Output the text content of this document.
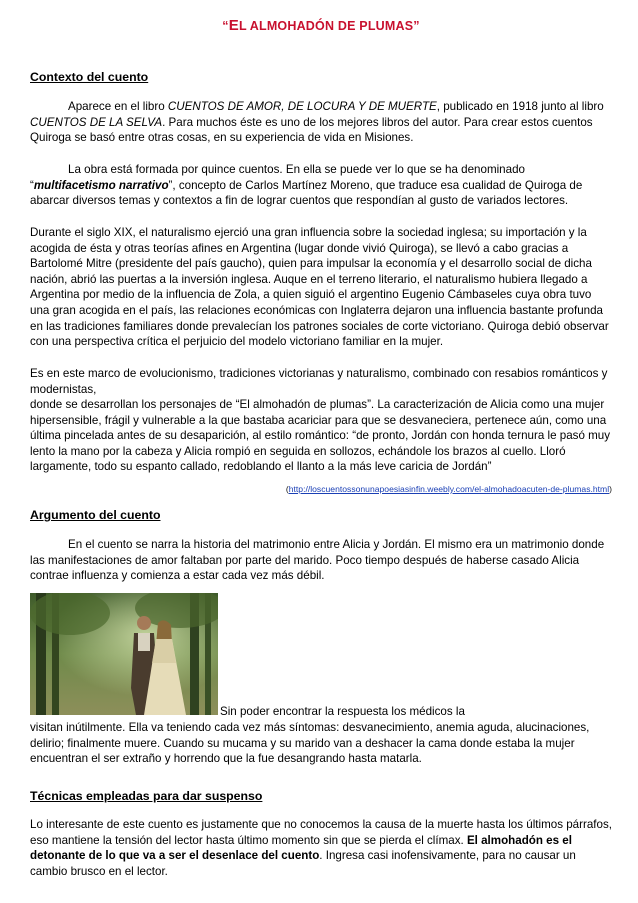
“EL ALMOHADÓN DE PLUMAS”
Contexto del cuento

Aparece en el libro CUENTOS DE AMOR, DE LOCURA Y DE MUERTE, publicado en 1918 junto al libro CUENTOS DE LA SELVA. Para muchos éste es uno de los mejores libros del autor. Para crear estos cuentos Quiroga se basó entre otras cosas, en su experiencia de vida en Misiones.

La obra está formada por quince cuentos. En ella se puede ver lo que se ha denominado “multifacetismo narrativo”, concepto de Carlos Martínez Moreno, que traduce esa cualidad de Quiroga de abarcar diversos temas y contextos a fin de lograr cuentos que respondían al gusto de variados lectores.

Durante el siglo XIX, el naturalismo ejerció una gran influencia sobre la sociedad inglesa; su importación y la acogida de ésta y otras teorías afines en Argentina (lugar donde vivió Quiroga), se llevó a cabo gracias a Bartolomé Mitre (presidente del país gaucho), quien para impulsar la economía y el desarrollo social de dicha nación, abrió las puertas a la inversión inglesa. Auque en el terreno literario, el naturalismo hubiera llegado a Argentina por medio de la influencia de Zola, a quien siguió el argentino Eugenio Cámbaseles cuya obra tuvo una gran acogida en el país, las relaciones económicas con Inglaterra dejaron una influencia bastante profunda en las tradiciones familiares donde prevalecían los patrones sociales de corte victoriano. Quiroga debió observar con una perspectiva crítica el perjuicio del modelo victoriano familiar en la mujer.

Es en este marco de evolucionismo, tradiciones victorianas y naturalismo, combinado con resabios románticos y modernistas,

donde se desarrollan los personajes de “El almohadón de plumas”. La caracterización de Alicia como una mujer hipersensible, frágil y vulnerable a la que bastaba acariciar para que se desvaneciera, pertenece aún, como una última pincelada antes de su desaparición, al estilo romántico: “de pronto, Jordán con honda ternura le pasó muy lento la mano por la cabeza y Alicia rompió en seguida en sollozos, echándole los brazos al cuello. Lloró largamente, todo su espanto callado, redoblando el llanto a la más leve caricia de Jordán”

(http://loscuentossonunapoesiasinfin.weebly.com/el-almohadoacuten-de-plumas.html)
Argumento del cuento

En el cuento se narra la historia del matrimonio entre Alicia y Jordán. El mismo era un matrimonio donde las manifestaciones de amor faltaban por parte del marido. Poco tiempo después de haberse casado Alicia contrae influenza y comienza a estar cada vez más débil.

Sin poder encontrar la respuesta los médicos la

visitan inútilmente. Ella va teniendo cada vez más síntomas: desvanecimiento, anemia aguda, alucinaciones, delirio; finalmente muere. Cuando su mucama y su marido van a deshacer la cama donde estaba la mujer encuentran el ser extraño y horrendo que la fue desangrando hasta matarla.

Técnicas empleadas para dar suspenso

Lo interesante de este cuento es justamente que no conocemos la causa de la muerte hasta los últimos párrafos, eso mantiene la tensión del lector hasta último momento sin que se pierda el clímax. El almohadón es el detonante de lo que va a ser el desenlace del cuento. Ingresa casi inofensivamente, para no causar un cambio brusco en el lector.
